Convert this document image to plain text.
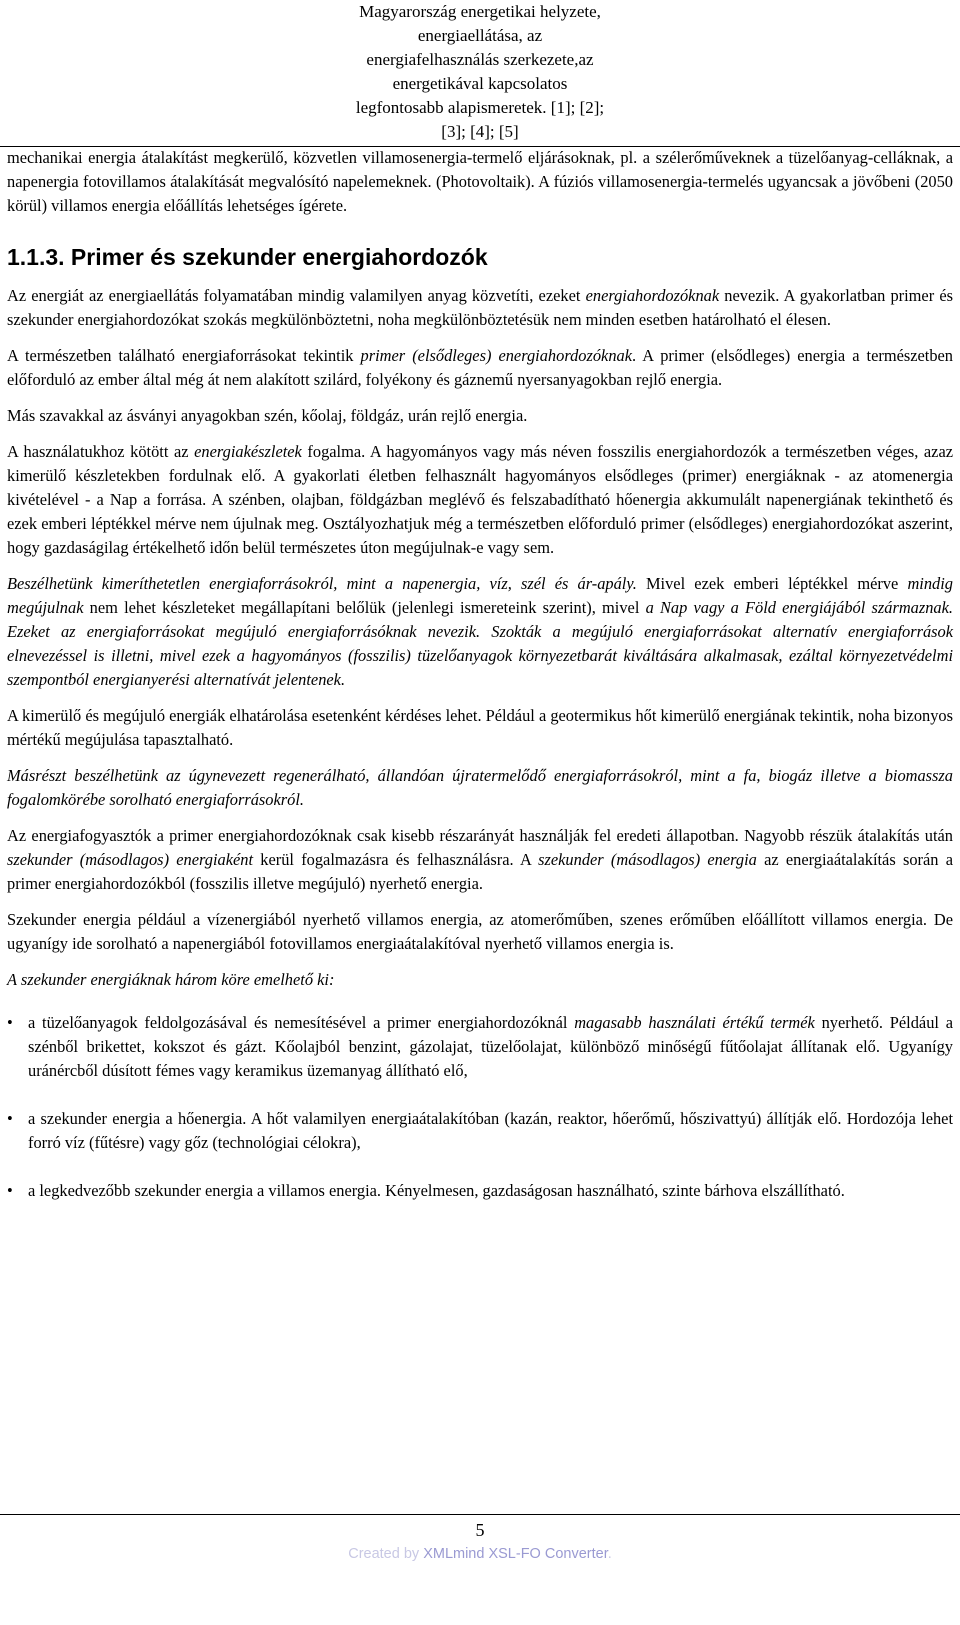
Magyarország energetikai helyzete,
energiaellátása, az
energiafelhasználás szerkezete,az
energetikával kapcsolatos
legfontosabb alapismeretek. [1]; [2];
[3]; [4]; [5]

mechanikai energia átalakítást megkerülő, közvetlen villamosenergia-termelő eljárásoknak, pl. a szélerőműveknek a tüzelőanyag-celláknak, a napenergia fotovillamos átalakítását megvalósító napelemeknek. (Photovoltaik). A fúziós villamosenergia-termelés ugyancsak a jövőbeni (2050 körül) villamos energia előállítás lehetséges ígérete.

1.1.3. Primer és szekunder energiahordozók

Az energiát az energiaellátás folyamatában mindig valamilyen anyag közvetíti, ezeket energiahordozóknak nevezik. A gyakorlatban primer és szekunder energiahordozókat szokás megkülönböztetni, noha megkülönböztetésük nem minden esetben határolható el élesen.

A természetben található energiaforrásokat tekintik primer (elsődleges) energiahordozóknak. A primer (elsődleges) energia a természetben előforduló az ember által még át nem alakított szilárd, folyékony és gáznemű nyersanyagokban rejlő energia.

Más szavakkal az ásványi anyagokban szén, kőolaj, földgáz, urán rejlő energia.

A használatukhoz kötött az energiakészletek fogalma. A hagyományos vagy más néven fosszilis energiahordozók a természetben véges, azaz kimerülő készletekben fordulnak elő. A gyakorlati életben felhasznált hagyományos elsődleges (primer) energiáknak - az atomenergia kivételével - a Nap a forrása. A szénben, olajban, földgázban meglévő és felszabadítható hőenergia akkumulált napenergiának tekinthető és ezek emberi léptékkel mérve nem újulnak meg. Osztályozhatjuk még a természetben előforduló primer (elsődleges) energiahordozókat aszerint, hogy gazdaságilag értékelhető időn belül természetes úton megújulnak-e vagy sem.

Beszélhetünk kimeríthetetlen energiaforrásokról, mint a napenergia, víz, szél és ár-apály. Mivel ezek emberi léptékkel mérve mindig megújulnak nem lehet készleteket megállapítani belőlük (jelenlegi ismereteink szerint), mivel a Nap vagy a Föld energiájából származnak. Ezeket az energiaforrásokat megújuló energiaforrásóknak nevezik. Szokták a megújuló energiaforrásokat alternatív energiaforrások elnevezéssel is illetni, mivel ezek a hagyományos (fosszilis) tüzelőanyagok környezetbarát kiváltására alkalmasak, ezáltal környezetvédelmi szempontból energianyerési alternatívát jelentenek.

A kimerülő és megújuló energiák elhatárolása esetenként kérdéses lehet. Például a geotermikus hőt kimerülő energiának tekintik, noha bizonyos mértékű megújulása tapasztalható.

Másrészt beszélhetünk az úgynevezett regenerálható, állandóan újratermelődő energiaforrásokról, mint a fa, biogáz illetve a biomassza fogalomkörébe sorolható energiaforrásokról.

Az energiafogyasztók a primer energiahordozóknak csak kisebb részarányát használják fel eredeti állapotban. Nagyobb részük átalakítás után szekunder (másodlagos) energiaként kerül fogalmazásra és felhasználásra. A szekunder (másodlagos) energia az energiaátalakítás során a primer energiahordozókból (fosszilis illetve megújuló) nyerhető energia.

Szekunder energia például a vízenergiából nyerhető villamos energia, az atomerőműben, szenes erőműben előállított villamos energia. De ugyanígy ide sorolható a napenergiából fotovillamos energiaátalakítóval nyerhető villamos energia is.

A szekunder energiáknak három köre emelhető ki:

• a tüzelőanyagok feldolgozásával és nemesítésével a primer energiahordozóknál magasabb használati értékű termék nyerhető. Például a szénből brikettet, kokszot és gázt. Kőolajból benzint, gázolajat, tüzelőolajat, különböző minőségű fűtőolajat állítanak elő. Ugyanígy uránércből dúsított fémes vagy keramikus üzemanyag állítható elő,
• a szekunder energia a hőenergia. A hőt valamilyen energiaátalakítóban (kazán, reaktor, hőerőmű, hőszivattyú) állítják elő. Hordozója lehet forró víz (fűtésre) vagy gőz (technológiai célokra),
• a legkedvezőbb szekunder energia a villamos energia. Kényelmesen, gazdaságosan használható, szinte bárhova elszállítható.
5
Created by XMLmind XSL-FO Converter.
